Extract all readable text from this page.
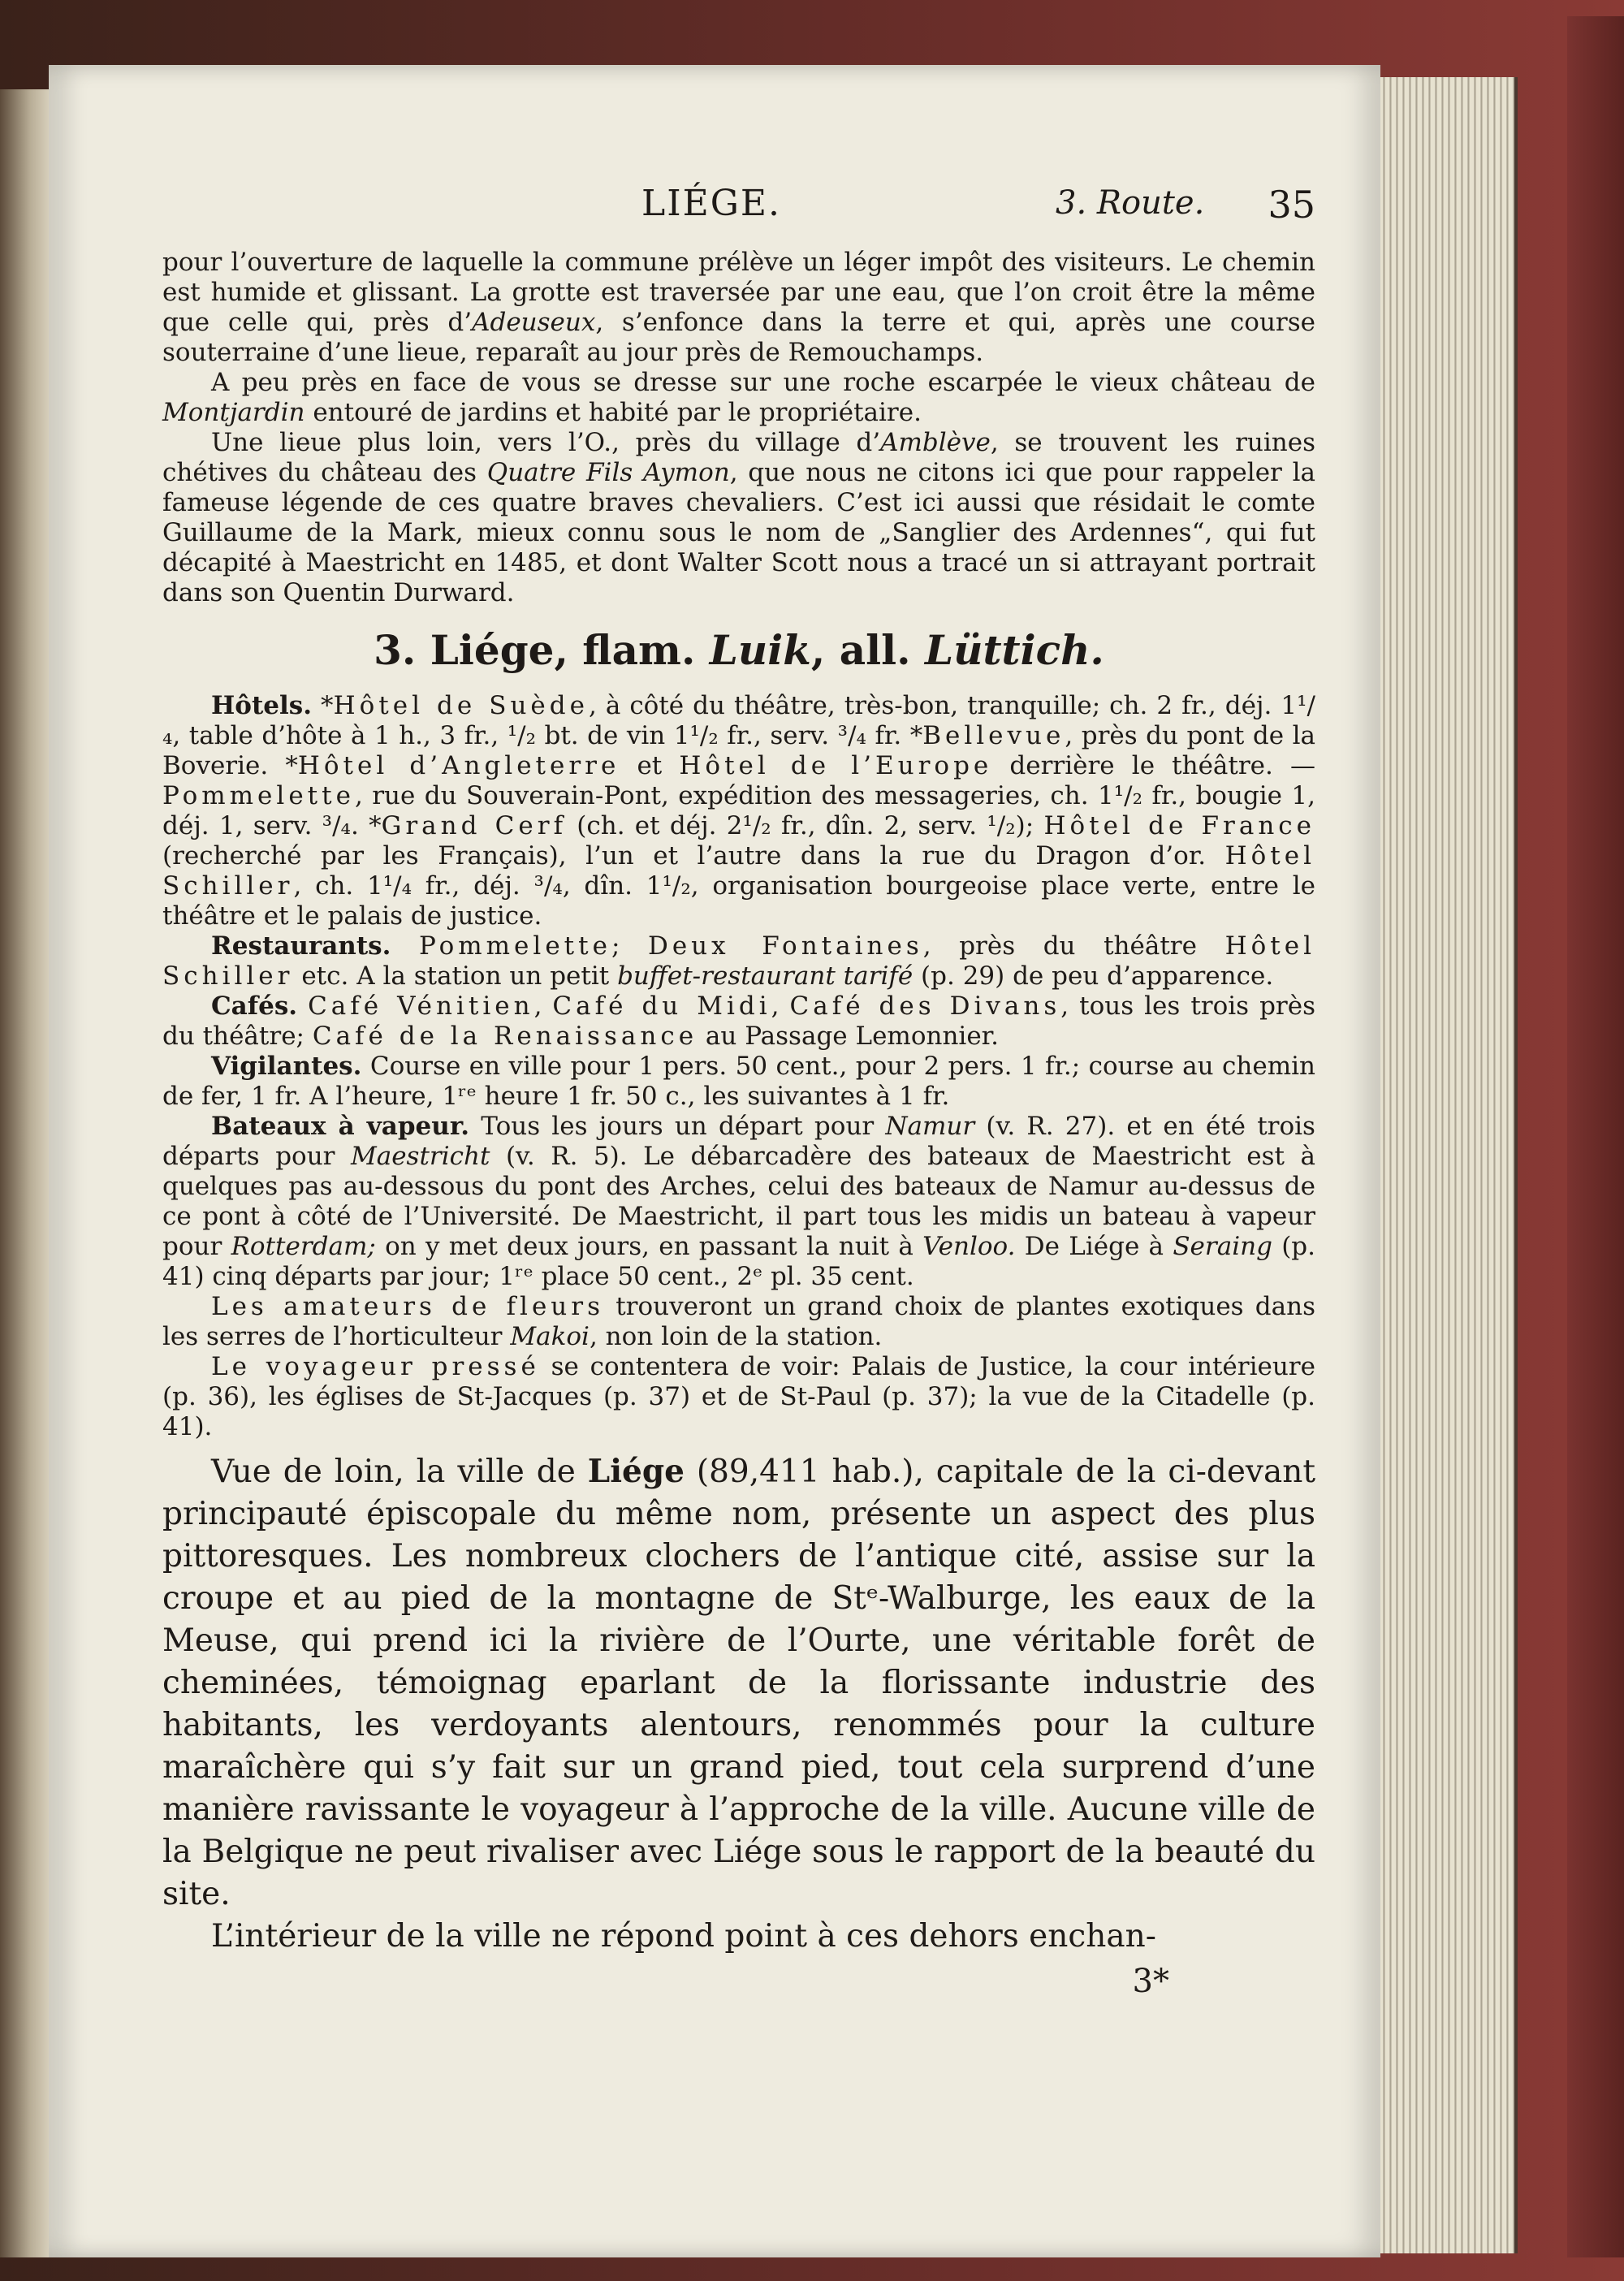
LIÉGE.	3. Route. 35

pour l’ouverture de laquelle la commune prélève un léger impôt des visiteurs. Le chemin est humide et glissant. La grotte est traversée par une eau, que l’on croit être la même que celle qui, près d’Adeuseux, s’enfonce dans la terre et qui, après une course souterraine d’une lieue, reparaît au jour près de Remouchamps.

A peu près en face de vous se dresse sur une roche escarpée le vieux château de Montjardin entouré de jardins et habité par le propriétaire.

Une lieue plus loin, vers l’O., près du village d’Amblève, se trouvent les ruines chétives du château des Quatre Fils Aymon, que nous ne citons ici que pour rappeler la fameuse légende de ces quatre braves chevaliers. C’est ici aussi que résidait le comte Guillaume de la Mark, mieux connu sous le nom de „Sanglier des Ardennes“, qui fut décapité à Maestricht en 1485, et dont Walter Scott nous a tracé un si attrayant portrait dans son Quentin Durward.

3. Liége, flam. Luik, all. Lüttich.

Hôtels. *Hôtel de Suède, à côté du théâtre, très-bon, tranquille; ch. 2 fr., déj. 1¹/₄, table d’hôte à 1 h., 3 fr., ¹/₂ bt. de vin 1¹/₂ fr., serv. ³/₄ fr. *Bellevue, près du pont de la Boverie. *Hôtel d’Angleterre et Hôtel de l’Europe derrière le théâtre. — Pommelette, rue du Souverain-Pont, expédition des messageries, ch. 1¹/₂ fr., bougie 1, déj. 1, serv. ³/₄. *Grand Cerf (ch. et déj. 2¹/₂ fr., dîn. 2, serv. ¹/₂); Hôtel de France (recherché par les Français), l’un et l’autre dans la rue du Dragon d’or. Hôtel Schiller, ch. 1¹/₄ fr., déj. ³/₄, dîn. 1¹/₂, organisation bourgeoise place verte, entre le théâtre et le palais de justice.

Restaurants. Pommelette; Deux Fontaines, près du théâtre Hôtel Schiller etc. A la station un petit buffet-restaurant tarifé (p. 29) de peu d’apparence.

Cafés. Café Vénitien, Café du Midi, Café des Divans, tous les trois près du théâtre; Café de la Renaissance au Passage Lemonnier.

Vigilantes. Course en ville pour 1 pers. 50 cent., pour 2 pers. 1 fr.; course au chemin de fer, 1 fr. A l’heure, 1ʳᵉ heure 1 fr. 50 c., les suivantes à 1 fr.

Bateaux à vapeur. Tous les jours un départ pour Namur (v. R. 27). et en été trois départs pour Maestricht (v. R. 5). Le débarcadère des bateaux de Maestricht est à quelques pas au-dessous du pont des Arches, celui des bateaux de Namur au-dessus de ce pont à côté de l’Université. De Maestricht, il part tous les midis un bateau à vapeur pour Rotterdam; on y met deux jours, en passant la nuit à Venloo. De Liége à Seraing (p. 41) cinq départs par jour; 1ʳᵉ place 50 cent., 2ᵉ pl. 35 cent.

Les amateurs de fleurs trouveront un grand choix de plantes exotiques dans les serres de l’horticulteur Makoi, non loin de la station.

Le voyageur pressé se contentera de voir: Palais de Justice, la cour intérieure (p. 36), les églises de St-Jacques (p. 37) et de St-Paul (p. 37); la vue de la Citadelle (p. 41).

Vue de loin, la ville de Liége (89,411 hab.), capitale de la ci-devant principauté épiscopale du même nom, présente un aspect des plus pittoresques. Les nombreux clochers de l’antique cité, assise sur la croupe et au pied de la montagne de Stᵉ-Walburge, les eaux de la Meuse, qui prend ici la rivière de l’Ourte, une véritable forêt de cheminées, témoignag eparlant de la florissante industrie des habitants, les verdoyants alentours, renommés pour la culture maraîchère qui s’y fait sur un grand pied, tout cela surprend d’une manière ravissante le voyageur à l’approche de la ville. Aucune ville de la Belgique ne peut rivaliser avec Liége sous le rapport de la beauté du site.

L’intérieur de la ville ne répond point à ces dehors enchan-

3*
